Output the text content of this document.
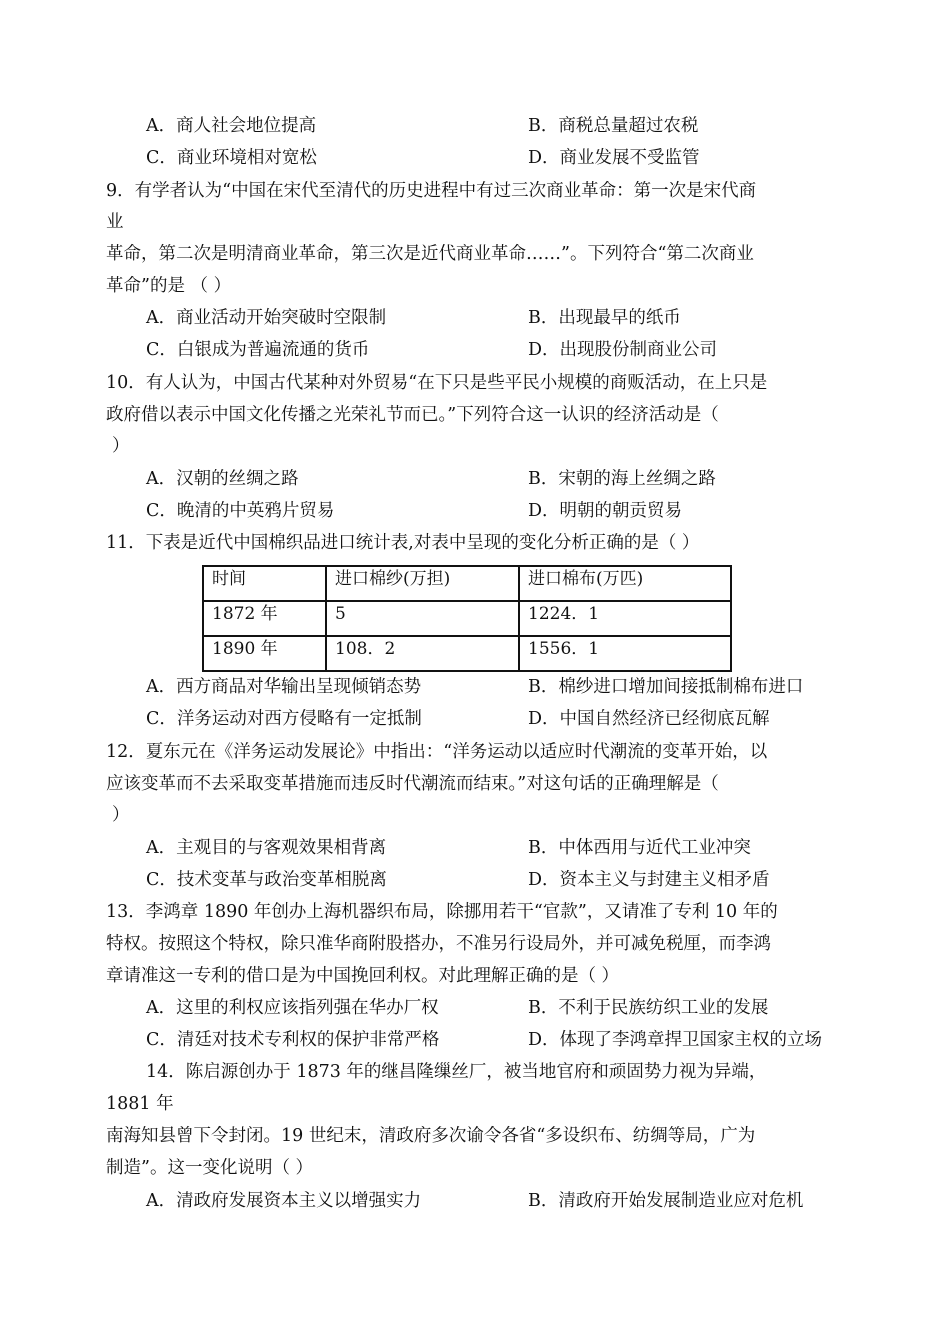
A．商人社会地位提高	B．商税总量超过农税
C．商业环境相对宽松	D．商业发展不受监管
9．有学者认为“中国在宋代至清代的历史进程中有过三次商业革命：第一次是宋代商
业
革命，第二次是明清商业革命，第三次是近代商业革命……”。下列符合“第二次商业
革命”的是 （ ）
A．商业活动开始突破时空限制	B．出现最早的纸币
C．白银成为普遍流通的货币	D．出现股份制商业公司
10．有人认为，中国古代某种对外贸易“在下只是些平民小规模的商贩活动，在上只是
政府借以表示中国文化传播之光荣礼节而已。”下列符合这一认识的经济活动是（
）
A．汉朝的丝绸之路	B．宋朝的海上丝绸之路
C．晚清的中英鸦片贸易	D．明朝的朝贡贸易
11．下表是近代中国棉织品进口统计表,对表中呈现的变化分析正确的是（ ）
时间	进口棉纱(万担)	进口棉布(万匹)
1872 年	5	1224．1
1890 年	108．2	1556．1
A．西方商品对华输出呈现倾销态势	B．棉纱进口增加间接抵制棉布进口
C．洋务运动对西方侵略有一定抵制	D．中国自然经济已经彻底瓦解
12．夏东元在《洋务运动发展论》中指出：“洋务运动以适应时代潮流的变革开始，以
应该变革而不去采取变革措施而违反时代潮流而结束。”对这句话的正确理解是（
）
A．主观目的与客观效果相背离	B．中体西用与近代工业冲突
C．技术变革与政治变革相脱离	D．资本主义与封建主义相矛盾
13．李鸿章 1890 年创办上海机器织布局，除挪用若干“官款”，又请准了专利 10 年的
特权。按照这个特权，除只准华商附股搭办，不准另行设局外，并可减免税厘，而李鸿
章请准这一专利的借口是为中国挽回利权。对此理解正确的是（ ）
A．这里的利权应该指列强在华办厂权	B．不利于民族纺织工业的发展
C．清廷对技术专利权的保护非常严格	D．体现了李鸿章捍卫国家主权的立场
14．陈启源创办于 1873 年的继昌隆缫丝厂，被当地官府和顽固势力视为异端，
1881 年
南海知县曾下令封闭。19 世纪末，清政府多次谕令各省“多设织布、纺绸等局，广为
制造”。这一变化说明（ ）
A．清政府发展资本主义以增强实力	B．清政府开始发展制造业应对危机
